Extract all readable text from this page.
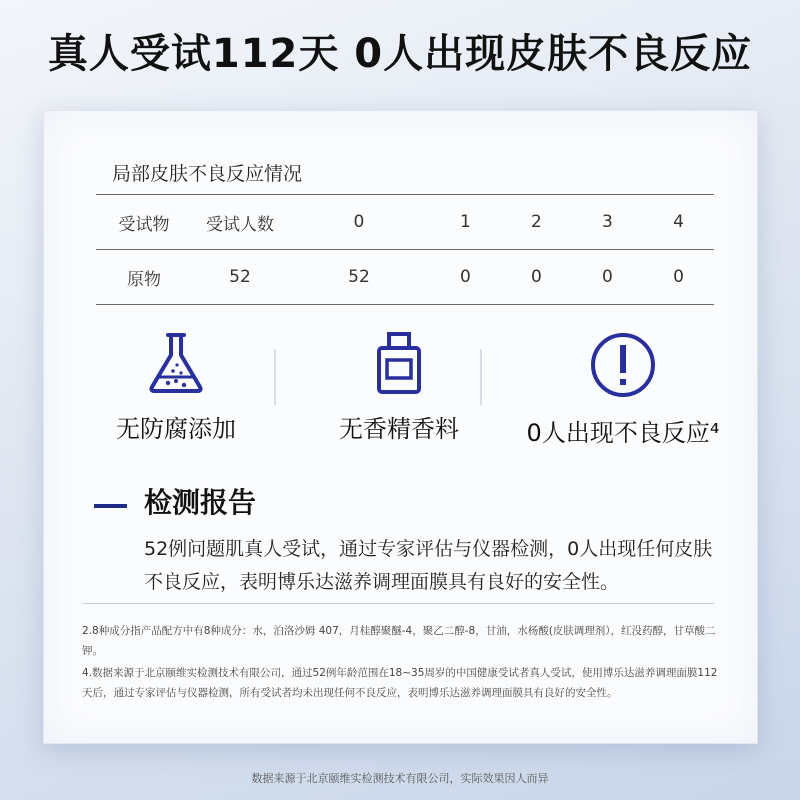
真人受试112天 0人出现皮肤不良反应
局部皮肤不良反应情况
受试物	受试人数	0	1	2	3	4
原物	52	52	0	0	0	0
无防腐添加	无香精香料	0人出现不良反应⁴
检测报告
52例问题肌真人受试，通过专家评估与仪器检测，0人出现任何皮肤不良反应，表明博乐达滋养调理面膜具有良好的安全性。

2.8种成分指产品配方中有8种成分：水，泊洛沙姆 407，月桂醇聚醚-4，聚乙二醇-8，甘油，水杨酸(皮肤调理剂），红没药醇，甘草酸二钾。

4.数据来源于北京颐维实检测技术有限公司，通过52例年龄范围在18~35周岁的中国健康受试者真人受试，使用博乐达滋养调理面膜112天后，通过专家评估与仪器检测，所有受试者均未出现任何不良反应，表明博乐达滋养调理面膜具有良好的安全性。

数据来源于北京颐维实检测技术有限公司，实际效果因人而异
